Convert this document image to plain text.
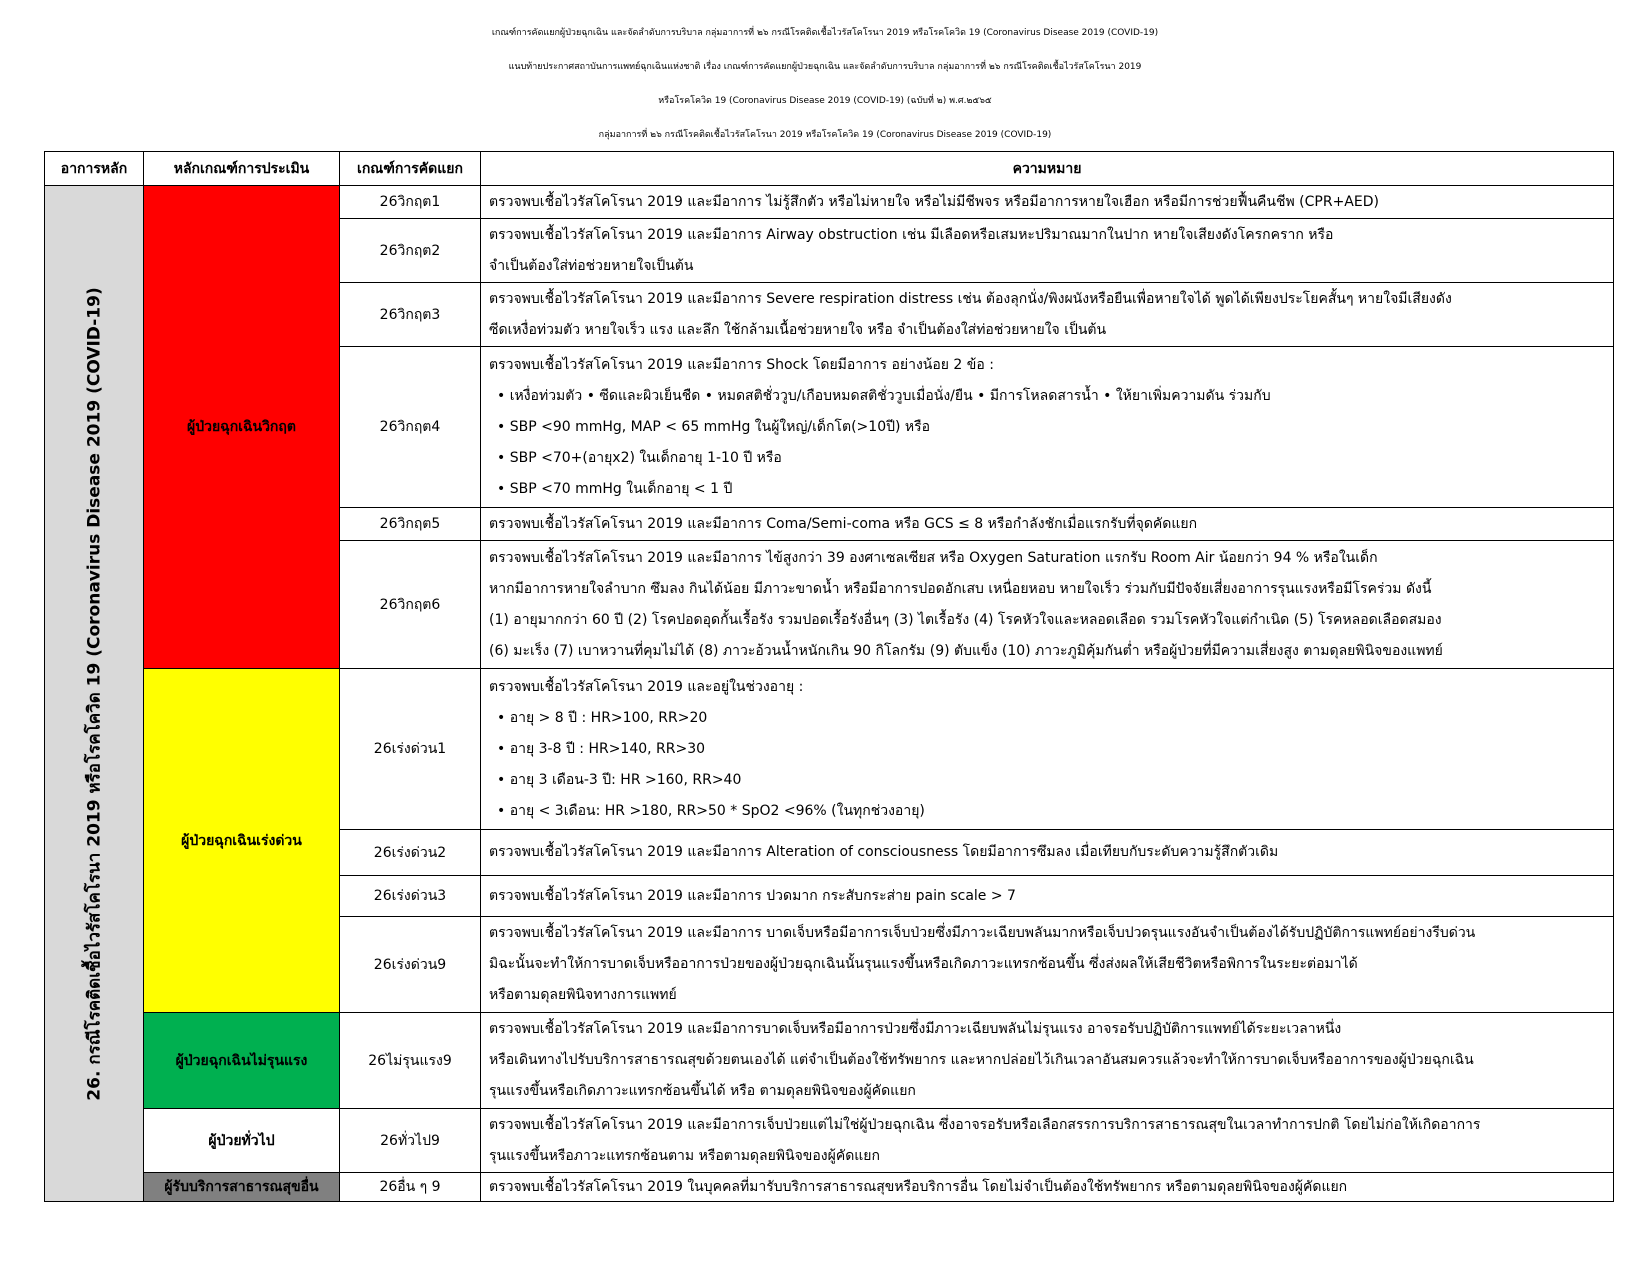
เกณฑ์การคัดแยกผู้ป่วยฉุกเฉิน และจัดลำดับการบริบาล กลุ่มอาการที่ ๒๖ กรณีโรคติดเชื้อไวรัสโคโรนา 2019 หรือโรคโควิด 19 (Coronavirus Disease 2019 (COVID-19)
แนบท้ายประกาศสถาบันการแพทย์ฉุกเฉินแห่งชาติ เรื่อง เกณฑ์การคัดแยกผู้ป่วยฉุกเฉิน และจัดลำดับการบริบาล กลุ่มอาการที่ ๒๖ กรณีโรคติดเชื้อไวรัสโคโรนา 2019
หรือโรคโควิด 19 (Coronavirus Disease 2019 (COVID-19) (ฉบับที่ ๒) พ.ศ.๒๕๖๕
กลุ่มอาการที่ ๒๖ กรณีโรคติดเชื้อไวรัสโคโรนา 2019 หรือโรคโควิด 19 (Coronavirus Disease 2019 (COVID-19)
อาการหลัก	หลักเกณฑ์การประเมิน	เกณฑ์การคัดแยก	ความหมาย

26. กรณีโรคติดเชื้อไวรัสโคโรนา 2019 หรือโรคโควิด 19 (Coronavirus Disease 2019 (COVID-19)	ผู้ป่วยฉุกเฉินวิกฤต	26วิกฤต1	ตรวจพบเชื้อไวรัสโคโรนา 2019 และมีอาการ ไม่รู้สึกตัว หรือไม่หายใจ หรือไม่มีชีพจร หรือมีอาการหายใจเฮือก หรือมีการช่วยฟื้นคืนชีพ (CPR+AED)

		26วิกฤต2	ตรวจพบเชื้อไวรัสโคโรนา 2019 และมีอาการ Airway obstruction เช่น มีเลือดหรือเสมหะปริมาณมากในปาก หายใจเสียงดังโครกคราก หรือ
จำเป็นต้องใส่ท่อช่วยหายใจเป็นต้น

		26วิกฤต3	ตรวจพบเชื้อไวรัสโคโรนา 2019 และมีอาการ Severe respiration distress เช่น ต้องลุกนั่ง/พิงผนังหรือยืนเพื่อหายใจได้ พูดได้เพียงประโยคสั้นๆ หายใจมีเสียงดัง
ซีดเหงื่อท่วมตัว หายใจเร็ว แรง และลึก ใช้กล้ามเนื้อช่วยหายใจ หรือ จำเป็นต้องใส่ท่อช่วยหายใจ เป็นต้น

		26วิกฤต4	ตรวจพบเชื้อไวรัสโคโรนา 2019 และมีอาการ Shock โดยมีอาการ อย่างน้อย 2 ข้อ :
• เหงื่อท่วมตัว • ซีดและผิวเย็นชืด • หมดสติชั่ววูบ/เกือบหมดสติชั่ววูบเมื่อนั่ง/ยืน • มีการโหลดสารน้ำ • ให้ยาเพิ่มความดัน ร่วมกับ
• SBP <90 mmHg, MAP < 65 mmHg ในผู้ใหญ่/เด็กโต(>10ปี) หรือ
• SBP <70+(อายุx2) ในเด็กอายุ 1-10 ปี หรือ
• SBP <70 mmHg ในเด็กอายุ < 1 ปี

		26วิกฤต5	ตรวจพบเชื้อไวรัสโคโรนา 2019 และมีอาการ Coma/Semi-coma หรือ GCS ≤ 8 หรือกำลังชักเมื่อแรกรับที่จุดคัดแยก

		26วิกฤต6	ตรวจพบเชื้อไวรัสโคโรนา 2019 และมีอาการ ไข้สูงกว่า 39 องศาเซลเซียส หรือ Oxygen Saturation แรกรับ Room Air น้อยกว่า 94 % หรือในเด็ก
หากมีอาการหายใจลำบาก ซึมลง กินได้น้อย มีภาวะขาดน้ำ หรือมีอาการปอดอักเสบ เหนื่อยหอบ หายใจเร็ว ร่วมกับมีปัจจัยเสี่ยงอาการรุนแรงหรือมีโรคร่วม ดังนี้
(1) อายุมากกว่า 60 ปี (2) โรคปอดอุดกั้นเรื้อรัง รวมปอดเรื้อรังอื่นๆ (3) ไตเรื้อรัง (4) โรคหัวใจและหลอดเลือด รวมโรคหัวใจแต่กำเนิด (5) โรคหลอดเลือดสมอง
(6) มะเร็ง (7) เบาหวานที่คุมไม่ได้ (8) ภาวะอ้วนน้ำหนักเกิน 90 กิโลกรัม (9) ตับแข็ง (10) ภาวะภูมิคุ้มกันต่ำ หรือผู้ป่วยที่มีความเสี่ยงสูง ตามดุลยพินิจของแพทย์

	ผู้ป่วยฉุกเฉินเร่งด่วน	26เร่งด่วน1	ตรวจพบเชื้อไวรัสโคโรนา 2019 และอยู่ในช่วงอายุ :
• อายุ > 8 ปี : HR>100, RR>20
• อายุ 3-8 ปี : HR>140, RR>30
• อายุ 3 เดือน-3 ปี: HR >160, RR>40
• อายุ < 3เดือน: HR >180, RR>50 * SpO2 <96% (ในทุกช่วงอายุ)

		26เร่งด่วน2	ตรวจพบเชื้อไวรัสโคโรนา 2019 และมีอาการ Alteration of consciousness โดยมีอาการซึมลง เมื่อเทียบกับระดับความรู้สึกตัวเดิม

		26เร่งด่วน3	ตรวจพบเชื้อไวรัสโคโรนา 2019 และมีอาการ ปวดมาก กระสับกระส่าย pain scale > 7

		26เร่งด่วน9	ตรวจพบเชื้อไวรัสโคโรนา 2019 และมีอาการ บาดเจ็บหรือมีอาการเจ็บป่วยซึ่งมีภาวะเฉียบพลันมากหรือเจ็บปวดรุนแรงอันจำเป็นต้องได้รับปฏิบัติการแพทย์อย่างรีบด่วน
มิฉะนั้นจะทำให้การบาดเจ็บหรืออาการป่วยของผู้ป่วยฉุกเฉินนั้นรุนแรงขึ้นหรือเกิดภาวะแทรกซ้อนขึ้น ซึ่งส่งผลให้เสียชีวิตหรือพิการในระยะต่อมาได้
หรือตามดุลยพินิจทางการแพทย์

	ผู้ป่วยฉุกเฉินไม่รุนแรง	26ไม่รุนแรง9	ตรวจพบเชื้อไวรัสโคโรนา 2019 และมีอาการบาดเจ็บหรือมีอาการป่วยซึ่งมีภาวะเฉียบพลันไม่รุนแรง อาจรอรับปฏิบัติการแพทย์ได้ระยะเวลาหนึ่ง
หรือเดินทางไปรับบริการสาธารณสุขด้วยตนเองได้ แต่จำเป็นต้องใช้ทรัพยากร และหากปล่อยไว้เกินเวลาอันสมควรแล้วจะทำให้การบาดเจ็บหรืออาการของผู้ป่วยฉุกเฉิน
รุนแรงขึ้นหรือเกิดภาวะแทรกซ้อนขึ้นได้ หรือ ตามดุลยพินิจของผู้คัดแยก

	ผู้ป่วยทั่วไป	26ทั่วไป9	ตรวจพบเชื้อไวรัสโคโรนา 2019 และมีอาการเจ็บป่วยแต่ไม่ใช่ผู้ป่วยฉุกเฉิน ซึ่งอาจรอรับหรือเลือกสรรการบริการสาธารณสุขในเวลาทำการปกติ โดยไม่ก่อให้เกิดอาการ
รุนแรงขึ้นหรือภาวะแทรกซ้อนตาม หรือตามดุลยพินิจของผู้คัดแยก

	ผู้รับบริการสาธารณสุขอื่น	26อื่น ๆ 9	ตรวจพบเชื้อไวรัสโคโรนา 2019 ในบุคคลที่มารับบริการสาธารณสุขหรือบริการอื่น โดยไม่จำเป็นต้องใช้ทรัพยากร หรือตามดุลยพินิจของผู้คัดแยก
